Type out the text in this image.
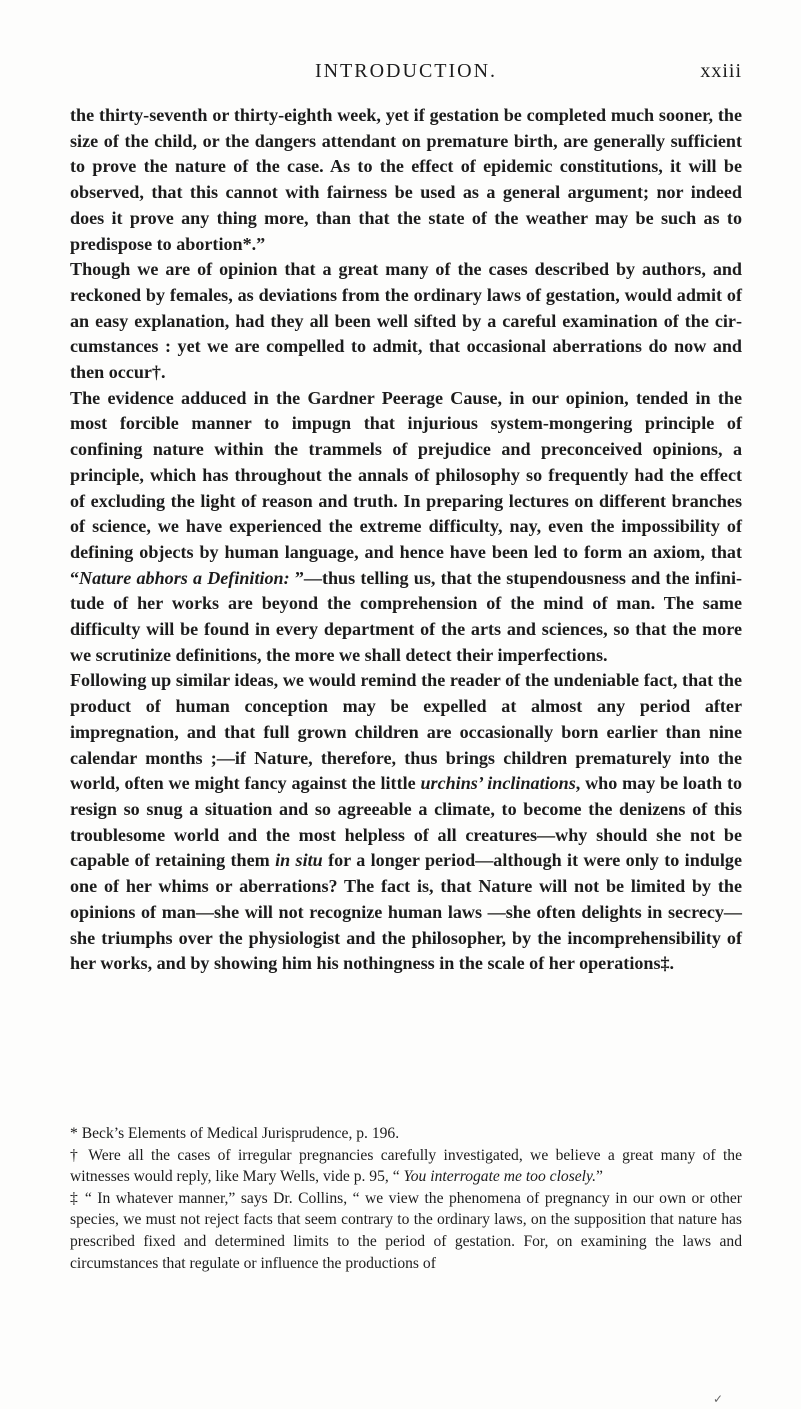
INTRODUCTION.	xxiii

the thirty-seventh or thirty-eighth week, yet if gestation be completed much sooner, the size of the child, or the dangers attendant on premature birth, are generally sufficient to prove the nature of the case. As to the effect of epidemic constitutions, it will be observed, that this cannot with fairness be used as a general argument; nor indeed does it prove any thing more, than that the state of the weather may be such as to predispose to abortion*.”

Though we are of opinion that a great many of the cases described by authors, and reckoned by females, as deviations from the ordinary laws of gestation, would admit of an easy explanation, had they all been well sifted by a careful examination of the circumstances : yet we are compelled to admit, that occasional aberrations do now and then occur†.

The evidence adduced in the Gardner Peerage Cause, in our opinion, tended in the most forcible manner to impugn that injurious system-mongering principle of confining nature within the trammels of prejudice and preconceived opinions, a principle, which has throughout the annals of philosophy so frequently had the effect of excluding the light of reason and truth. In preparing lectures on different branches of science, we have experienced the extreme difficulty, nay, even the impossibility of defining objects by human language, and hence have been led to form an axiom, that “Nature abhors a Definition: ”—thus telling us, that the stupendousness and the infinitude of her works are beyond the comprehension of the mind of man. The same difficulty will be found in every department of the arts and sciences, so that the more we scrutinize definitions, the more we shall detect their imperfections.

Following up similar ideas, we would remind the reader of the undeniable fact, that the product of human conception may be expelled at almost any period after impregnation, and that full grown children are occasionally born earlier than nine calendar months ;—if Nature, therefore, thus brings children prematurely into the world, often we might fancy against the little urchins’ inclinations, who may be loath to resign so snug a situation and so agreeable a climate, to become the denizens of this troublesome world and the most helpless of all creatures—why should she not be capable of retaining them in situ for a longer period—although it were only to indulge one of her whims or aberrations? The fact is, that Nature will not be limited by the opinions of man—she will not recognize human laws —she often delights in secrecy—she triumphs over the physiologist and the philosopher, by the incomprehensibility of her works, and by showing him his nothingness in the scale of her operations‡.

* Beck’s Elements of Medical Jurisprudence, p. 196.

† Were all the cases of irregular pregnancies carefully investigated, we believe a great many of the witnesses would reply, like Mary Wells, vide p. 95, “ You interrogate me too closely.”

‡ “ In whatever manner,” says Dr. Collins, “ we view the phenomena of pregnancy in our own or other species, we must not reject facts that seem contrary to the ordinary laws, on the supposition that nature has prescribed fixed and determined limits to the period of gestation. For, on examining the laws and circumstances that regulate or influence the productions of

✓
